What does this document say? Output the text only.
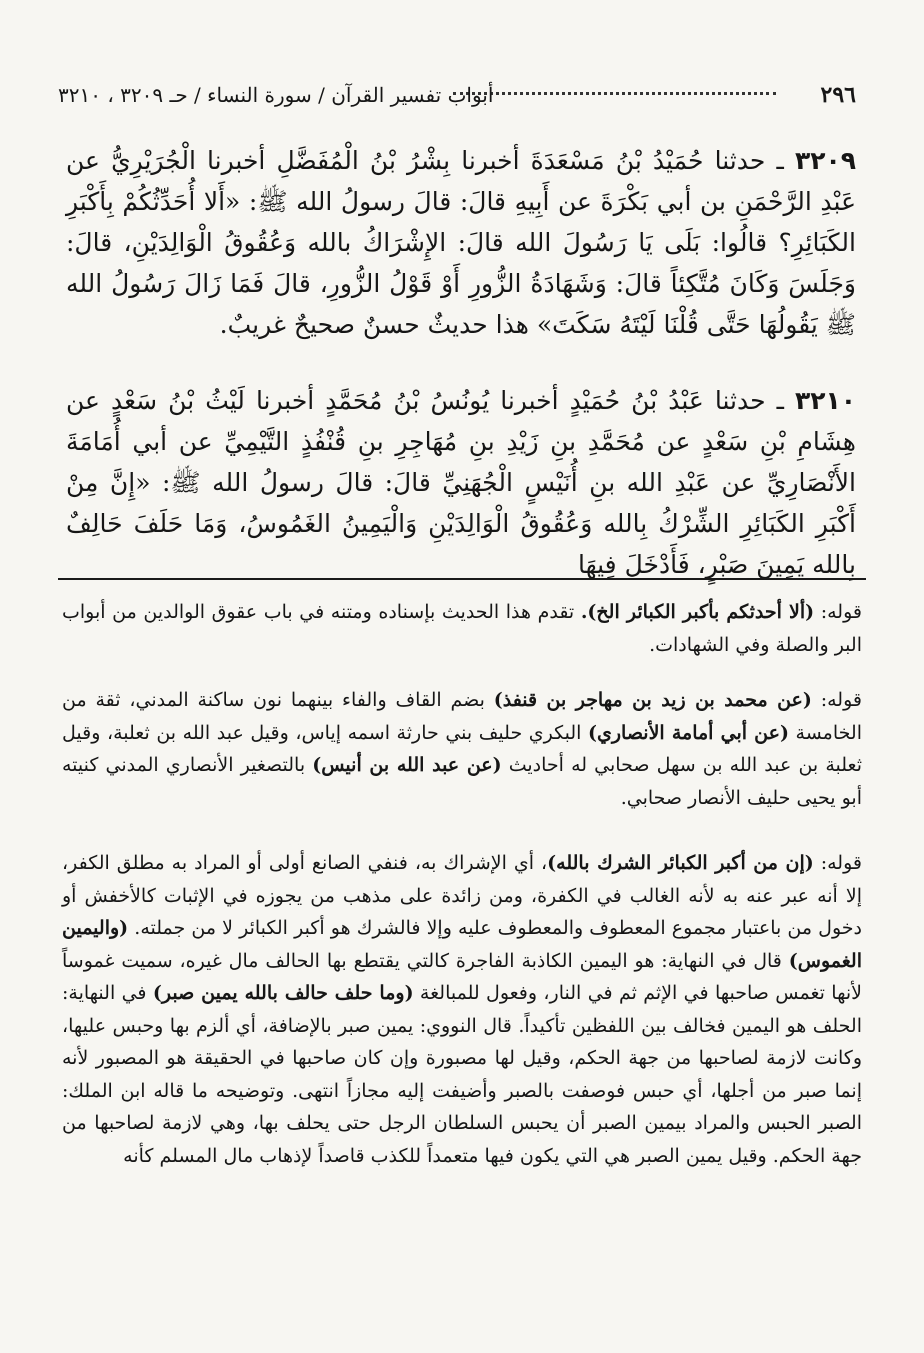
٢٩٦
أبواب تفسير القرآن / سورة النساء / حـ ٣٢٠٩ ، ٣٢١٠

٣٢٠٩ ـ حدثنا حُمَيْدُ بْنُ مَسْعَدَةَ أخبرنا بِشْرُ بْنُ الْمُفَضَّلِ أخبرنا الْجُرَيْرِيُّ عن عَبْدِ الرَّحْمَنِ بن أبي بَكْرَةَ عن أَبِيهِ قالَ: قالَ رسولُ الله ﷺ: «أَلا أُحَدِّثُكُمْ بِأَكْبَرِ الكَبَائِرِ؟ قالُوا: بَلَى يَا رَسُولَ الله قالَ: الإِشْرَاكُ بالله وَعُقُوقُ الْوَالِدَيْنِ، قالَ: وَجَلَسَ وَكَانَ مُتَّكِئاً قالَ: وَشَهَادَةُ الزُّورِ أَوْ قَوْلُ الزُّورِ، قالَ فَمَا زَالَ رَسُولُ الله ﷺ يَقُولُهَا حَتَّى قُلْنَا لَيْتَهُ سَكَتَ» هذا حديثٌ حسنٌ صحيحٌ غريبٌ.

٣٢١٠ ـ حدثنا عَبْدُ بْنُ حُمَيْدٍ أخبرنا يُونُسُ بْنُ مُحَمَّدٍ أخبرنا لَيْثُ بْنُ سَعْدٍ عن هِشَامِ بْنِ سَعْدٍ عن مُحَمَّدِ بنِ زَيْدِ بنِ مُهَاجِرِ بنِ قُنْفُذٍ التَّيْمِيِّ عن أبي أُمَامَةَ الأَنْصَارِيِّ عن عَبْدِ الله بنِ أُنَيْسٍ الْجُهَنِيِّ قالَ: قالَ رسولُ الله ﷺ: «إِنَّ مِنْ أَكْبَرِ الكَبَائِرِ الشِّرْكُ بِالله وَعُقُوقُ الْوَالِدَيْنِ وَالْيَمِينُ الغَمُوسُ، وَمَا حَلَفَ حَالِفٌ بِالله يَمِينَ صَبْرٍ، فَأَدْخَلَ فِيهَا

قوله: (ألا أحدثكم بأكبر الكبائر الخ). تقدم هذا الحديث بإسناده ومتنه في باب عقوق الوالدين من أبواب البر والصلة وفي الشهادات.

قوله: (عن محمد بن زيد بن مهاجر بن قنفذ) بضم القاف والفاء بينهما نون ساكنة المدني، ثقة من الخامسة (عن أبي أمامة الأنصاري) البكري حليف بني حارثة اسمه إياس، وقيل عبد الله بن ثعلبة، وقيل ثعلبة بن عبد الله بن سهل صحابي له أحاديث (عن عبد الله بن أنيس) بالتصغير الأنصاري المدني كنيته أبو يحيى حليف الأنصار صحابي.

قوله: (إن من أكبر الكبائر الشرك بالله)، أي الإشراك به، فنفي الصانع أولى أو المراد به مطلق الكفر، إلا أنه عبر عنه به لأنه الغالب في الكفرة، ومن زائدة على مذهب من يجوزه في الإثبات كالأخفش أو دخول من باعتبار مجموع المعطوف والمعطوف عليه وإلا فالشرك هو أكبر الكبائر لا من جملته. (واليمين الغموس) قال في النهاية: هو اليمين الكاذبة الفاجرة كالتي يقتطع بها الحالف مال غيره، سميت غموساً لأنها تغمس صاحبها في الإثم ثم في النار، وفعول للمبالغة (وما حلف حالف بالله يمين صبر) في النهاية: الحلف هو اليمين فخالف بين اللفظين تأكيداً. قال النووي: يمين صبر بالإضافة، أي ألزم بها وحبس عليها، وكانت لازمة لصاحبها من جهة الحكم، وقيل لها مصبورة وإن كان صاحبها في الحقيقة هو المصبور لأنه إنما صبر من أجلها، أي حبس فوصفت بالصبر وأضيفت إليه مجازاً انتهى. وتوضيحه ما قاله ابن الملك: الصبر الحبس والمراد بيمين الصبر أن يحبس السلطان الرجل حتى يحلف بها، وهي لازمة لصاحبها من جهة الحكم. وقيل يمين الصبر هي التي يكون فيها متعمداً للكذب قاصداً لإذهاب مال المسلم كأنه
